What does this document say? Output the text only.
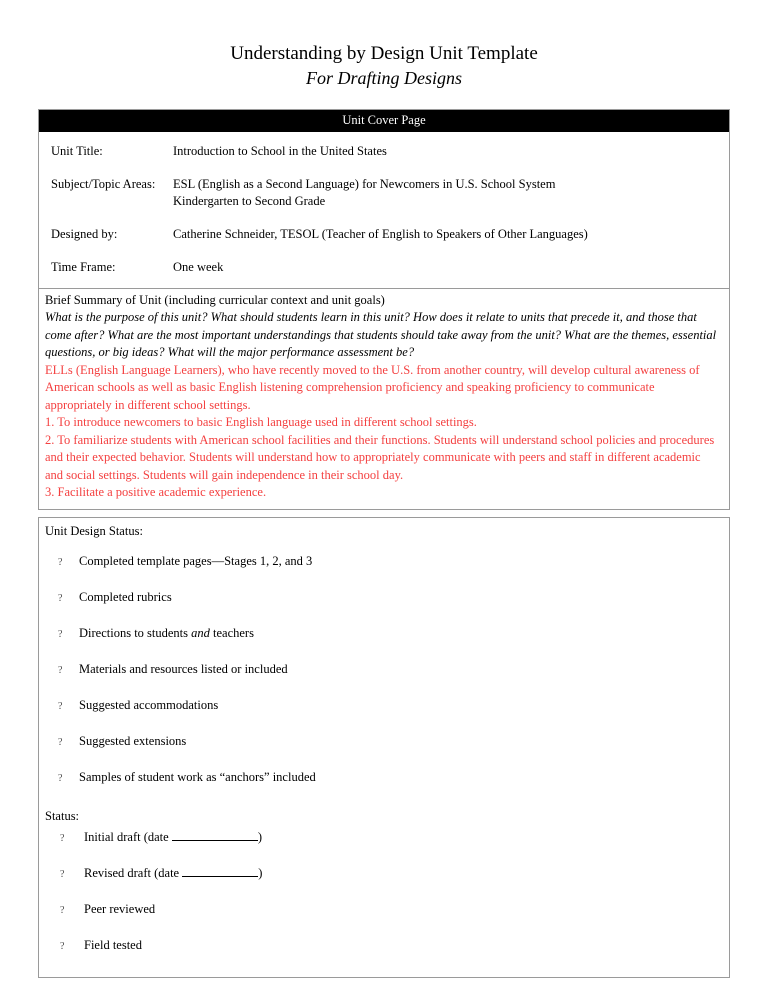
Understanding by Design Unit Template
For Drafting Designs
Unit Cover Page

Unit Title:	Introduction to School in the United States
Subject/Topic Areas:	ESL (English as a Second Language) for Newcomers in U.S. School System
Kindergarten to Second Grade

Designed by:	Catherine Schneider, TESOL (Teacher of English to Speakers of Other Languages)
Time Frame:	One week

Brief Summary of Unit (including curricular context and unit goals)
What is the purpose of this unit? What should students learn in this unit? How does it relate to units that precede it, and those that come after? What are the most important understandings that students should take away from the unit? What are the themes, essential questions, or big ideas? What will the major performance assessment be?

ELLs (English Language Learners), who have recently moved to the U.S. from another country, will develop cultural awareness of American schools as well as basic English listening comprehension proficiency and speaking proficiency to communicate appropriately in different school settings.

1. To introduce newcomers to basic English language used in different school settings.

2. To familiarize students with American school facilities and their functions. Students will understand school policies and procedures and their expected behavior. Students will understand how to appropriately communicate with peers and staff in different academic and social settings. Students will gain independence in their school day.

3. Facilitate a positive academic experience.

Unit Design Status:
?	Completed template pages—Stages 1, 2, and 3
?	Completed rubrics
?	Directions to students and teachers
?	Materials and resources listed or included
?	Suggested accommodations
?	Suggested extensions
?	Samples of student work as “anchors” included
Status:
?	Initial draft (date	)
?	Revised draft (date	)
?	Peer reviewed
?	Field tested
